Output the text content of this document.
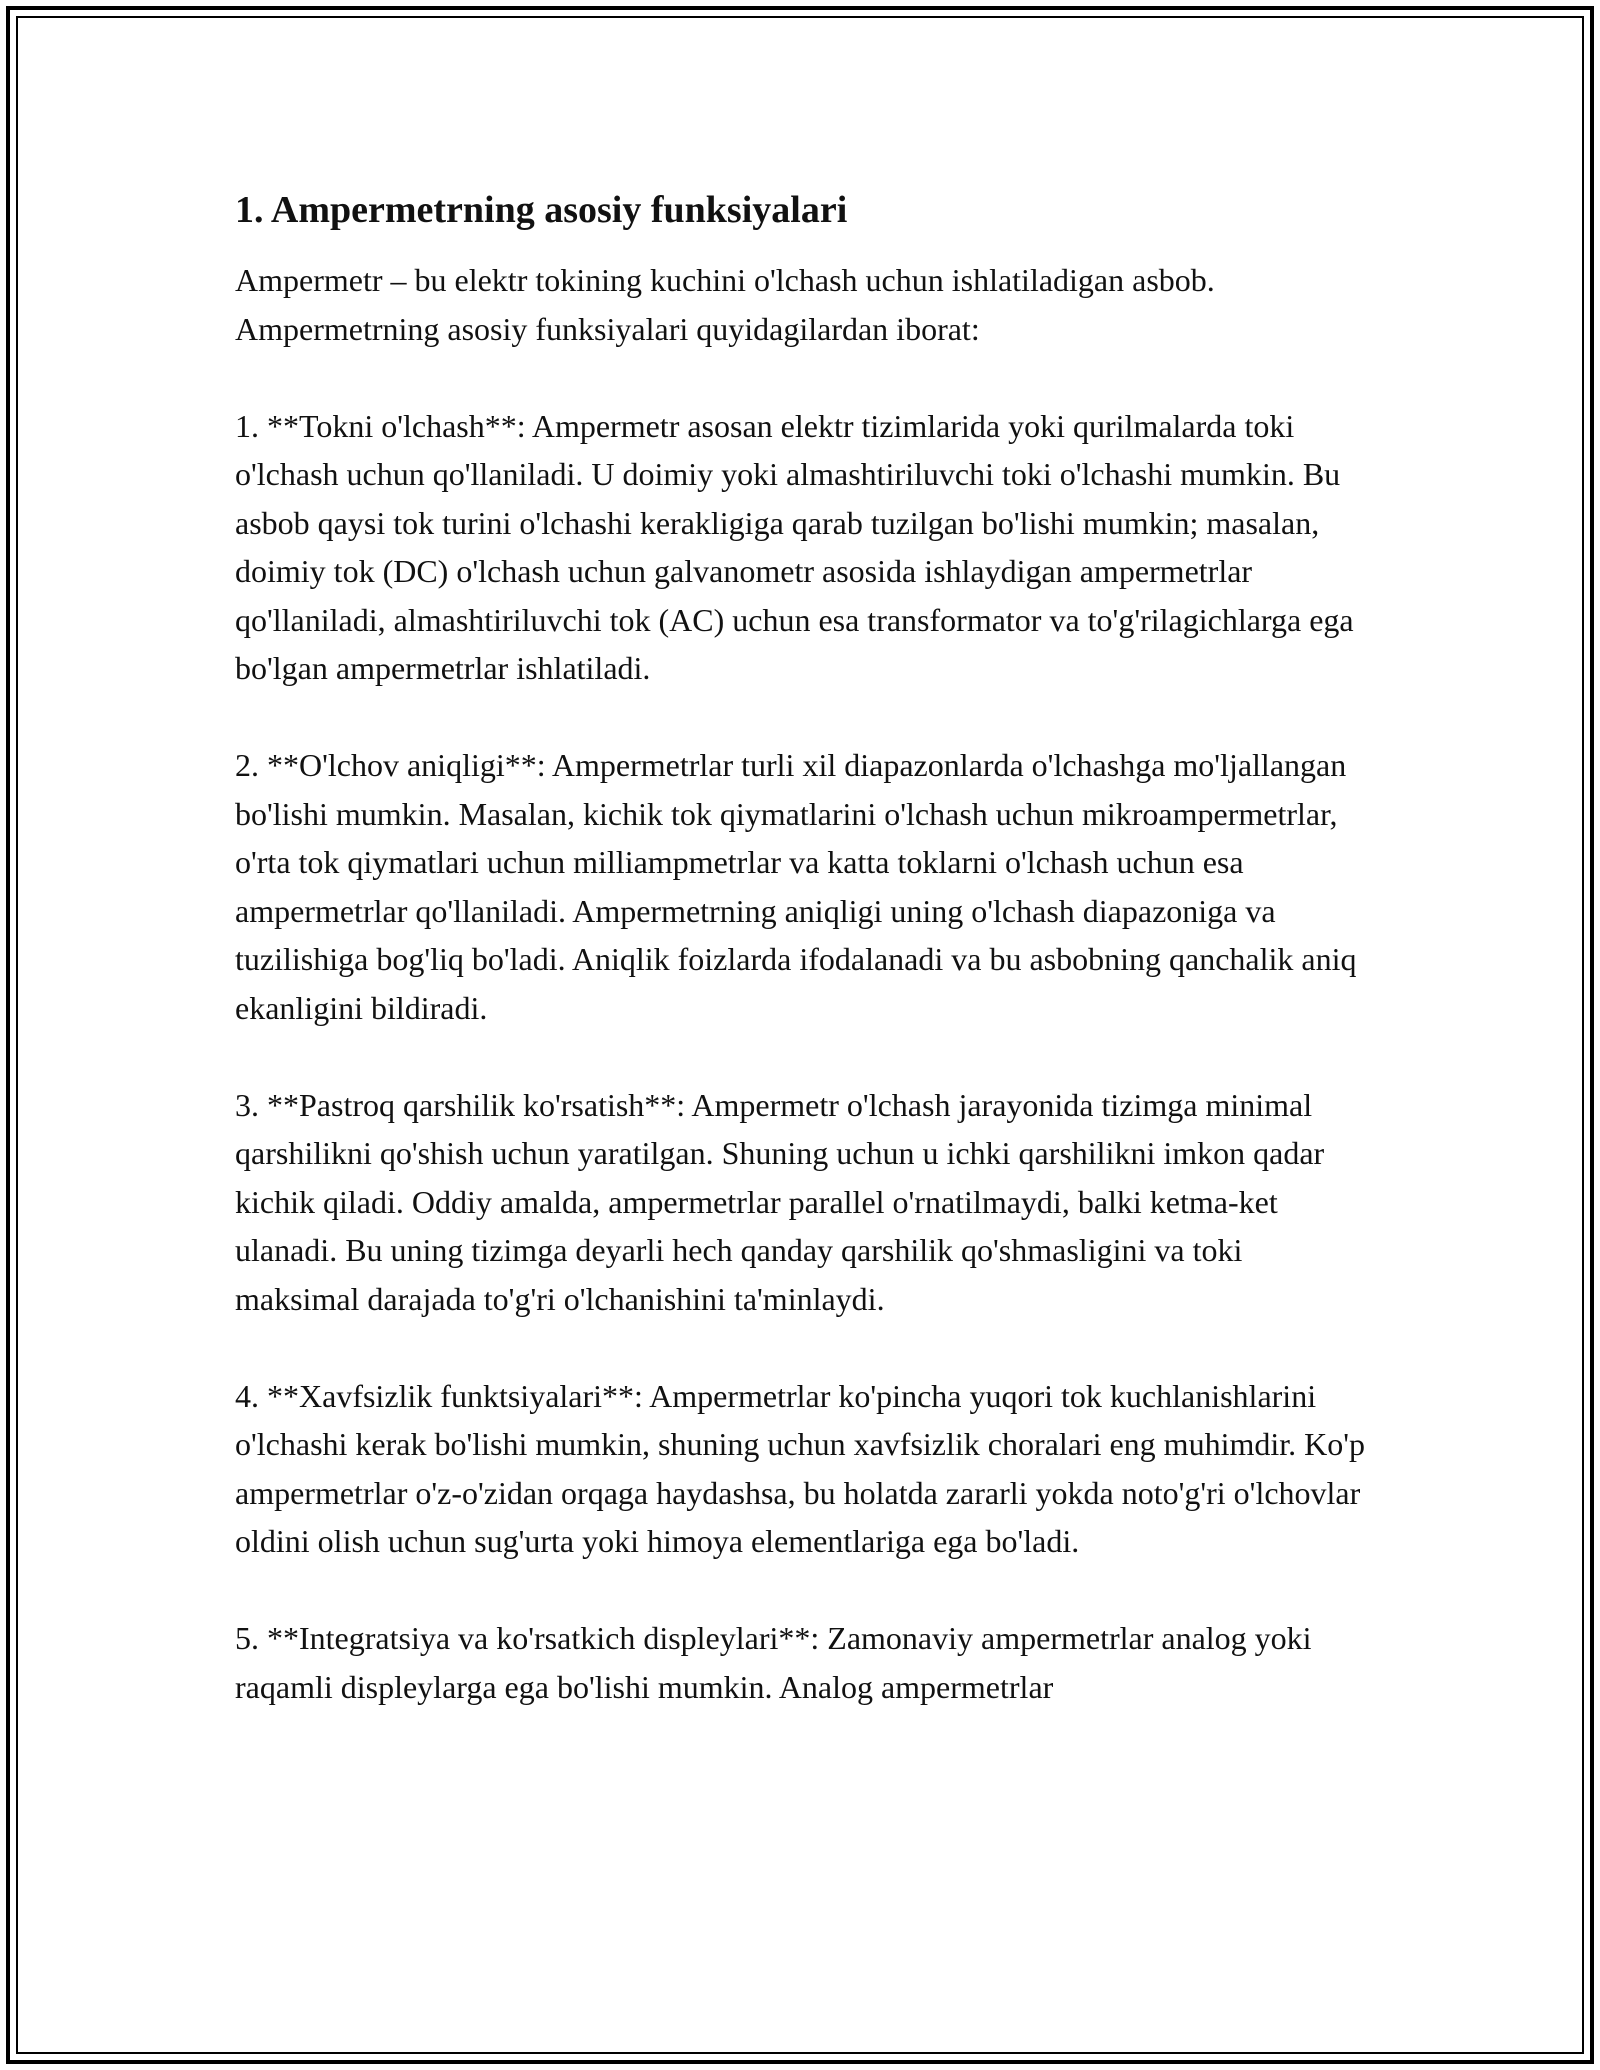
1. Ampermetrning asosiy funksiyalari

Ampermetr – bu elektr tokining kuchini o'lchash uchun ishlatiladigan asbob. Ampermetrning asosiy funksiyalari quyidagilardan iborat:

1. **Tokni o'lchash**: Ampermetr asosan elektr tizimlarida yoki qurilmalarda toki o'lchash uchun qo'llaniladi. U doimiy yoki almashtiriluvchi toki o'lchashi mumkin. Bu asbob qaysi tok turini o'lchashi kerakligiga qarab tuzilgan bo'lishi mumkin; masalan, doimiy tok (DC) o'lchash uchun galvanometr asosida ishlaydigan ampermetrlar qo'llaniladi, almashtiriluvchi tok (AC) uchun esa transformator va to'g'rilagichlarga ega bo'lgan ampermetrlar ishlatiladi.

2. **O'lchov aniqligi**: Ampermetrlar turli xil diapazonlarda o'lchashga mo'ljallangan bo'lishi mumkin. Masalan, kichik tok qiymatlarini o'lchash uchun mikroampermetrlar, o'rta tok qiymatlari uchun milliampmetrlar va katta toklarni o'lchash uchun esa ampermetrlar qo'llaniladi. Ampermetrning aniqligi uning o'lchash diapazoniga va tuzilishiga bog'liq bo'ladi. Aniqlik foizlarda ifodalanadi va bu asbobning qanchalik aniq ekanligini bildiradi.

3. **Pastroq qarshilik ko'rsatish**: Ampermetr o'lchash jarayonida tizimga minimal qarshilikni qo'shish uchun yaratilgan. Shuning uchun u ichki qarshilikni imkon qadar kichik qiladi. Oddiy amalda, ampermetrlar parallel o'rnatilmaydi, balki ketma-ket ulanadi. Bu uning tizimga deyarli hech qanday qarshilik qo'shmasligini va toki maksimal darajada to'g'ri o'lchanishini ta'minlaydi.

4. **Xavfsizlik funktsiyalari**: Ampermetrlar ko'pincha yuqori tok kuchlanishlarini o'lchashi kerak bo'lishi mumkin, shuning uchun xavfsizlik choralari eng muhimdir. Ko'p ampermetrlar o'z-o'zidan orqaga haydashsa, bu holatda zararli yokda noto'g'ri o'lchovlar oldini olish uchun sug'urta yoki himoya elementlariga ega bo'ladi.

5. **Integratsiya va ko'rsatkich displeylari**: Zamonaviy ampermetrlar analog yoki raqamli displeylarga ega bo'lishi mumkin. Analog ampermetrlar
